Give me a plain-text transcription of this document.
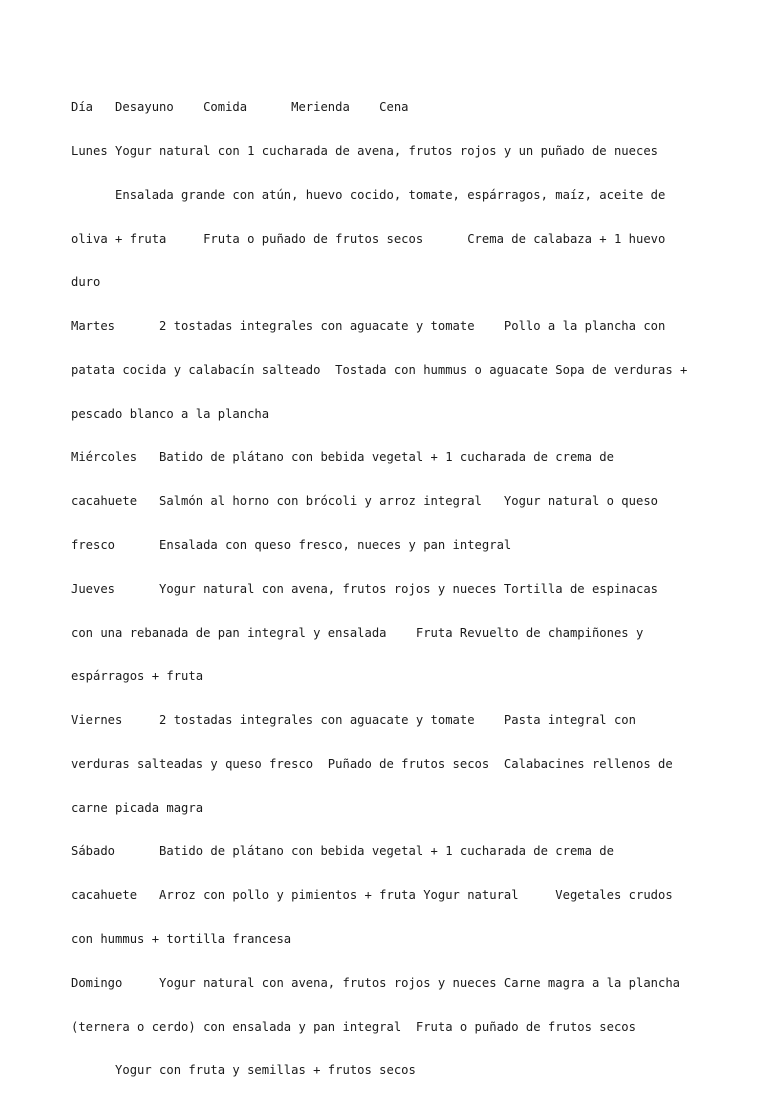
Día   Desayuno    Comida      Merienda    Cena

Lunes Yogur natural con 1 cucharada de avena, frutos rojos y un puñado de nueces

Ensalada grande con atún, huevo cocido, tomate, espárragos, maíz, aceite de

oliva + fruta     Fruta o puñado de frutos secos      Crema de calabaza + 1 huevo

duro

Martes      2 tostadas integrales con aguacate y tomate    Pollo a la plancha con

patata cocida y calabacín salteado  Tostada con hummus o aguacate Sopa de verduras +

pescado blanco a la plancha

Miércoles   Batido de plátano con bebida vegetal + 1 cucharada de crema de

cacahuete   Salmón al horno con brócoli y arroz integral   Yogur natural o queso

fresco      Ensalada con queso fresco, nueces y pan integral

Jueves      Yogur natural con avena, frutos rojos y nueces Tortilla de espinacas

con una rebanada de pan integral y ensalada    Fruta Revuelto de champiñones y

espárragos + fruta

Viernes     2 tostadas integrales con aguacate y tomate    Pasta integral con

verduras salteadas y queso fresco  Puñado de frutos secos  Calabacines rellenos de

carne picada magra

Sábado      Batido de plátano con bebida vegetal + 1 cucharada de crema de

cacahuete   Arroz con pollo y pimientos + fruta Yogur natural     Vegetales crudos

con hummus + tortilla francesa

Domingo     Yogur natural con avena, frutos rojos y nueces Carne magra a la plancha

(ternera o cerdo) con ensalada y pan integral  Fruta o puñado de frutos secos

Yogur con fruta y semillas + frutos secos
